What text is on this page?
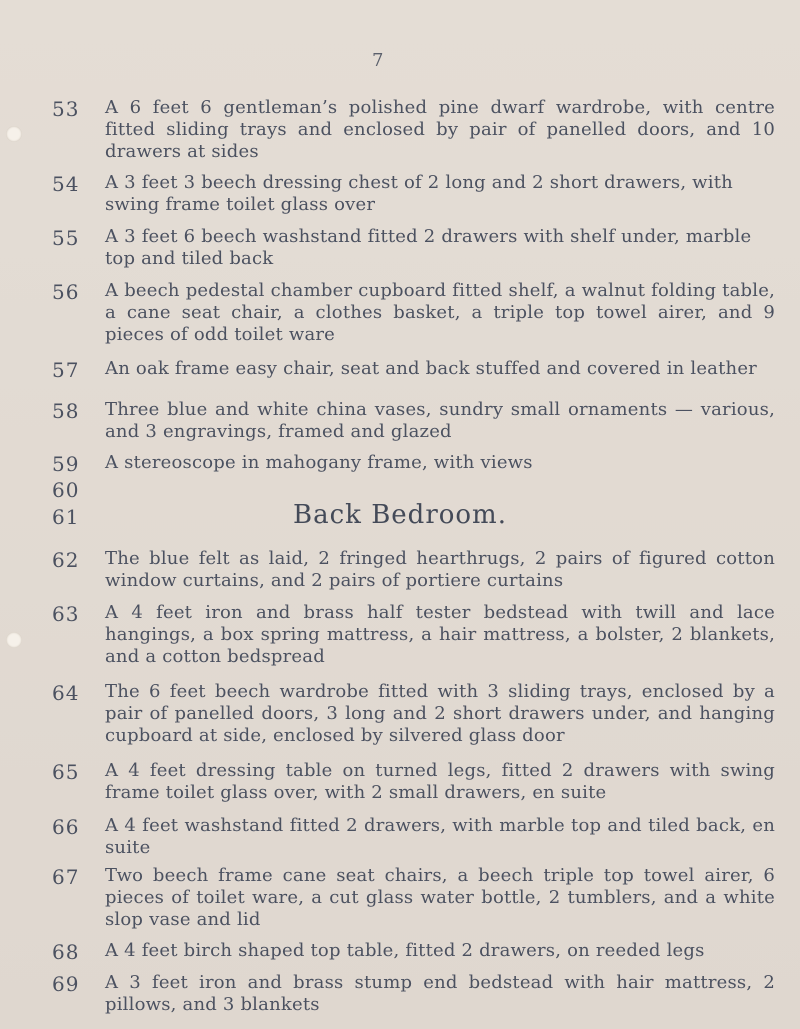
7
53	A 6 feet 6 gentleman’s polished pine dwarf wardrobe, with centre fitted sliding trays and enclosed by pair of panelled doors, and 10 drawers at sides
54	A 3 feet 3 beech dressing chest of 2 long and 2 short drawers, with swing frame toilet glass over
55	A 3 feet 6 beech washstand fitted 2 drawers with shelf under, marble top and tiled back
56	A beech pedestal chamber cupboard fitted shelf, a walnut folding table, a cane seat chair, a clothes basket, a triple top towel airer, and 9 pieces of odd toilet ware
57	An oak frame easy chair, seat and back stuffed and covered in leather
58	Three blue and white china vases, sundry small ornaments — various, and 3 engravings, framed and glazed
59	A stereoscope in mahogany frame, with views
60
61	Back Bedroom.
62	The blue felt as laid, 2 fringed hearthrugs, 2 pairs of figured cotton window curtains, and 2 pairs of portiere curtains
63	A 4 feet iron and brass half tester bedstead with twill and lace hangings, a box spring mattress, a hair mattress, a bolster, 2 blankets, and a cotton bedspread
64	The 6 feet beech wardrobe fitted with 3 sliding trays, enclosed by a pair of panelled doors, 3 long and 2 short drawers under, and hanging cupboard at side, enclosed by silvered glass door
65	A 4 feet dressing table on turned legs, fitted 2 drawers with swing frame toilet glass over, with 2 small drawers, en suite
66	A 4 feet washstand fitted 2 drawers, with marble top and tiled back, en suite
67	Two beech frame cane seat chairs, a beech triple top towel airer, 6 pieces of toilet ware, a cut glass water bottle, 2 tumblers, and a white slop vase and lid
68	A 4 feet birch shaped top table, fitted 2 drawers, on reeded legs
69	A 3 feet iron and brass stump end bedstead with hair mattress, 2 pillows, and 3 blankets
